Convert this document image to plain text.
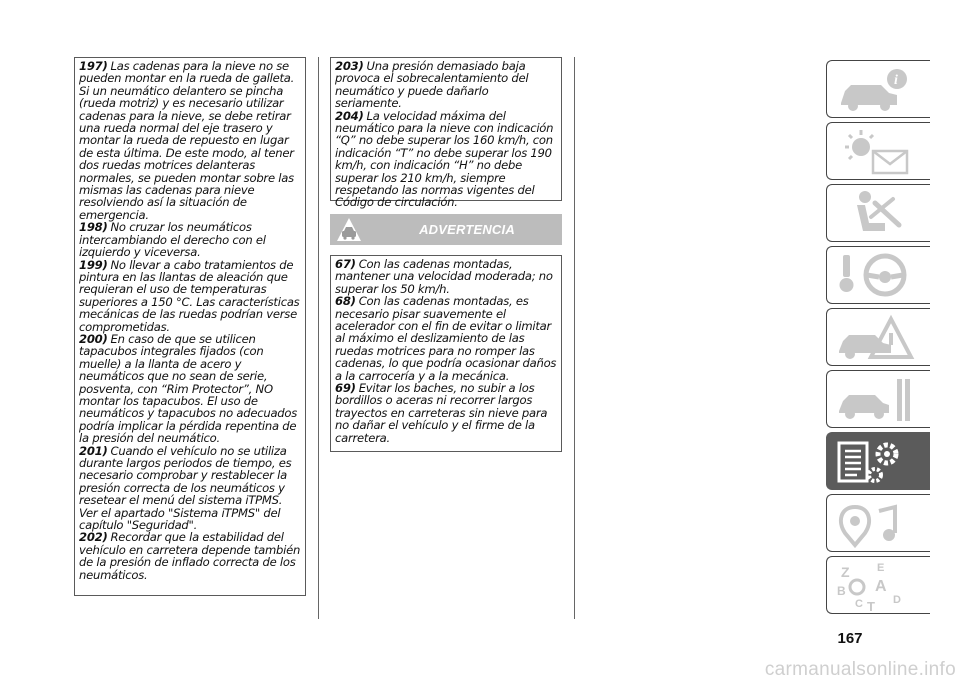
197) Las cadenas para la nieve no se pueden montar en la rueda de galleta. Si un neumático delantero se pincha (rueda motriz) y es necesario utilizar cadenas para la nieve, se debe retirar una rueda normal del eje trasero y montar la rueda de repuesto en lugar de esta última. De este modo, al tener dos ruedas motrices delanteras normales, se pueden montar sobre las mismas las cadenas para nieve resolviendo así la situación de emergencia.

198) No cruzar los neumáticos intercambiando el derecho con el izquierdo y viceversa.

199) No llevar a cabo tratamientos de pintura en las llantas de aleación que requieran el uso de temperaturas superiores a 150 °C. Las características mecánicas de las ruedas podrían verse comprometidas.

200) En caso de que se utilicen tapacubos integrales fijados (con muelle) a la llanta de acero y neumáticos que no sean de serie, posventa, con “Rim Protector”, NO montar los tapacubos. El uso de neumáticos y tapacubos no adecuados podría implicar la pérdida repentina de la presión del neumático.

201) Cuando el vehículo no se utiliza durante largos periodos de tiempo, es necesario comprobar y restablecer la presión correcta de los neumáticos y resetear el menú del sistema iTPMS. Ver el apartado "Sistema iTPMS" del capítulo "Seguridad".

202) Recordar que la estabilidad del vehículo en carretera depende también de la presión de inflado correcta de los neumáticos.

203) Una presión demasiado baja provoca el sobrecalentamiento del neumático y puede dañarlo seriamente.

204) La velocidad máxima del neumático para la nieve con indicación “Q” no debe superar los 160 km/h, con indicación “T” no debe superar los 190 km/h, con indicación “H” no debe superar los 210 km/h, siempre respetando las normas vigentes del Código de circulación.

ADVERTENCIA

67) Con las cadenas montadas, mantener una velocidad moderada; no superar los 50 km/h.

68) Con las cadenas montadas, es necesario pisar suavemente el acelerador con el fin de evitar o limitar al máximo el deslizamiento de las ruedas motrices para no romper las cadenas, lo que podría ocasionar daños a la carrocería y a la mecánica.

69) Evitar los baches, no subir a los bordillos o aceras ni recorrer largos trayectos en carreteras sin nieve para no dañar el vehículo y el firme de la carretera.

i
Z E
A
B
C T D
167
carmanualsonline.info
